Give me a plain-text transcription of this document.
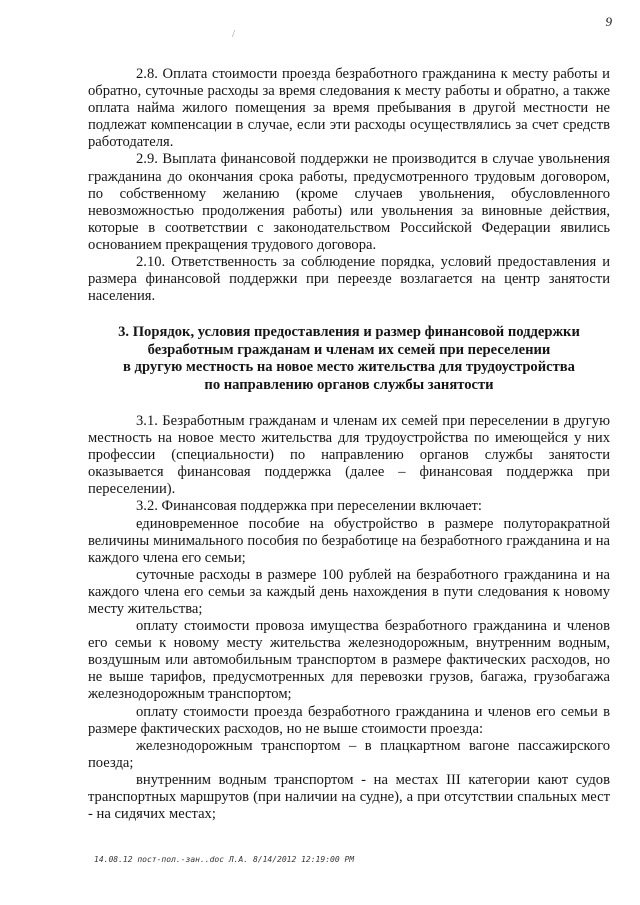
9
/

2.8. Оплата стоимости проезда безработного гражданина к месту работы и обратно, суточные расходы за время следования к месту работы и обратно, а также оплата найма жилого помещения за время пребывания в другой местности не подлежат компенсации в случае, если эти расходы осуществлялись за счет средств работодателя.

2.9. Выплата финансовой поддержки не производится в случае увольнения гражданина до окончания срока работы, предусмотренного трудовым договором, по собственному желанию (кроме случаев увольнения, обусловленного невозможностью продолжения работы) или увольнения за виновные действия, которые в соответствии с законодательством Российской Федерации явились основанием прекращения трудового договора.

2.10. Ответственность за соблюдение порядка, условий предоставления и размера финансовой поддержки при переезде возлагается на центр занятости населения.

3. Порядок, условия предоставления и размер финансовой поддержки
безработным гражданам и членам их семей при переселении
в другую местность на новое место жительства для трудоустройства
по направлению органов службы занятости

3.1. Безработным гражданам и членам их семей при переселении в другую местность на новое место жительства для трудоустройства по имеющейся у них профессии (специальности) по направлению органов службы занятости оказывается финансовая поддержка (далее – финансовая поддержка при переселении).

3.2. Финансовая поддержка при переселении включает:

единовременное пособие на обустройство в размере полуторакратной величины минимального пособия по безработице на безработного гражданина и на каждого члена его семьи;

суточные расходы в размере 100 рублей на безработного гражданина и на каждого члена его семьи за каждый день нахождения в пути следования к новому месту жительства;

оплату стоимости провоза имущества безработного гражданина и членов его семьи к новому месту жительства железнодорожным, внутренним водным, воздушным или автомобильным транспортом в размере фактических расходов, но не выше тарифов, предусмотренных для перевозки грузов, багажа, грузобагажа железнодорожным транспортом;

оплату стоимости проезда безработного гражданина и членов его семьи в размере фактических расходов, но не выше стоимости проезда:

железнодорожным транспортом – в плацкартном вагоне пассажирского поезда;

внутренним водным транспортом - на местах III категории кают судов транспортных маршрутов (при наличии на судне), а при отсутствии спальных мест - на сидячих местах;

14.08.12 пост-пол.-зан..doc Л.А. 8/14/2012 12:19:00 PM
